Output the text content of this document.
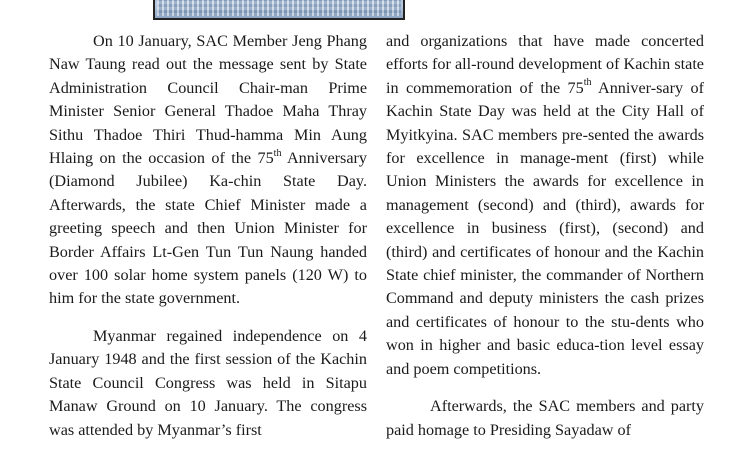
On 10 January, SAC Member Jeng Phang Naw Taung read out the message sent by State Administration Council Chair-man Prime Minister Senior General Thadoe Maha Thray Sithu Thadoe Thiri Thud-hamma Min Aung Hlaing on the occasion of the 75th Anniversary (Diamond Jubilee) Ka-chin State Day. Afterwards, the state Chief Minister made a greeting speech and then Union Minister for Border Affairs Lt-Gen Tun Tun Naung handed over 100 solar home system panels (120 W) to him for the state government.

Myanmar regained independence on 4 January 1948 and the first session of the Kachin State Council Congress was held in Sitapu Manaw Ground on 10 January. The congress was attended by Myanmar’s first

and organizations that have made concerted efforts for all-round development of Kachin state in commemoration of the 75th Anniver-sary of Kachin State Day was held at the City Hall of Myitkyina. SAC members pre-sented the awards for excellence in manage-ment (first) while Union Ministers the awards for excellence in management (second) and (third), awards for excellence in business (first), (second) and (third) and certificates of honour and the Kachin State chief minister, the commander of Northern Command and deputy ministers the cash prizes and certificates of honour to the stu-dents who won in higher and basic educa-tion level essay and poem competitions.

Afterwards, the SAC members and party paid homage to Presiding Sayadaw of
